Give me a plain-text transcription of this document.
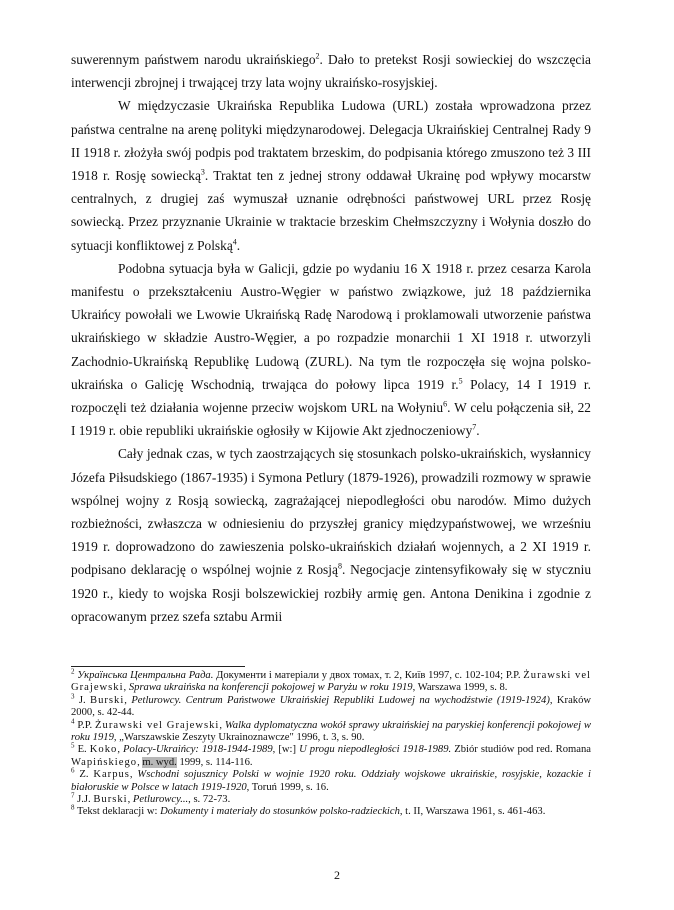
suwerennym państwem narodu ukraińskiego$^2$. Dało to pretekst Rosji sowieckiej do wszczęcia interwencji zbrojnej i trwającej trzy lata wojny ukraińsko-rosyjskiej.

W międzyczasie Ukraińska Republika Ludowa (URL) została wprowadzona przez państwa centralne na arenę polityki międzynarodowej. Delegacja Ukraińskiej Centralnej Rady 9 II 1918 r. złożyła swój podpis pod traktatem brzeskim, do podpisania którego zmuszono też 3 III 1918 r. Rosję sowiecką$^3$. Traktat ten z jednej strony oddawał Ukrainę pod wpływy mocarstw centralnych, z drugiej zaś wymuszał uznanie odrębności państwowej URL przez Rosję sowiecką. Przez przyznanie Ukrainie w traktacie brzeskim Chełmszczyzny i Wołynia doszło do sytuacji konfliktowej z Polską$^4$.

Podobna sytuacja była w Galicji, gdzie po wydaniu 16 X 1918 r. przez cesarza Karola manifestu o przekształceniu Austro-Węgier w państwo związkowe, już 18 października Ukraińcy powołali we Lwowie Ukraińską Radę Narodową i proklamowali utworzenie państwa ukraińskiego w składzie Austro-Węgier, a po rozpadzie monarchii 1 XI 1918 r. utworzyli Zachodnio-Ukraińską Republikę Ludową (ZURL). Na tym tle rozpoczęła się wojna polsko-ukraińska o Galicję Wschodnią, trwająca do połowy lipca 1919 r.$^5$ Polacy, 14 I 1919 r. rozpoczęli też działania wojenne przeciw wojskom URL na Wołyniu$^6$. W celu połączenia sił, 22 I 1919 r. obie republiki ukraińskie ogłosiły w Kijowie Akt zjednoczeniowy$^7$.

Cały jednak czas, w tych zaostrzających się stosunkach polsko-ukraińskich, wysłannicy Józefa Piłsudskiego (1867-1935) i Symona Petlury (1879-1926), prowadzili rozmowy w sprawie wspólnej wojny z Rosją sowiecką, zagrażającej niepodległości obu narodów. Mimo dużych rozbieżności, zwłaszcza w odniesieniu do przyszłej granicy międzypaństwowej, we wrześniu 1919 r. doprowadzono do zawieszenia polsko-ukraińskich działań wojennych, a 2 XI 1919 r. podpisano deklarację o wspólnej wojnie z Rosją$^8$. Negocjacje zintensyfikowały się w styczniu 1920 r., kiedy to wojska Rosji bolszewickiej rozbiły armię gen. Antona Denikina i zgodnie z opracowanym przez szefa sztabu Armii

$^2$ Українська Центральна Рада. Документи і матеріали у двох томах, т. 2, Київ 1997, с. 102-104; P.P. Żurawski vel Grajewski, Sprawa ukraińska na konferencji pokojowej w Paryżu w roku 1919, Warszawa 1999, s. 8.
$^3$ J. Burski, Petlurowcy. Centrum Państwowe Ukraińskiej Republiki Ludowej na wychodźstwie (1919-1924), Kraków 2000, s. 42-44.
$^4$ P.P. Żurawski vel Grajewski, Walka dyplomatyczna wokół sprawy ukraińskiej na paryskiej konferencji pokojowej w roku 1919, „Warszawskie Zeszyty Ukrainoznawcze" 1996, t. 3, s. 90.
$^5$ E. Koko, Polacy-Ukraińcy: 1918-1944-1989, [w:] U progu niepodległości 1918-1989. Zbiór studiów pod red. Romana Wapińskiego, m. wyd. 1999, s. 114-116.
$^6$ Z. Karpus, Wschodni sojusznicy Polski w wojnie 1920 roku. Oddziały wojskowe ukraińskie, rosyjskie, kozackie i białoruskie w Polsce w latach 1919-1920, Toruń 1999, s. 16.
$^7$ J.J. Burski, Petlurowcy..., s. 72-73.
$^8$ Tekst deklaracji w: Dokumenty i materiały do stosunków polsko-radzieckich, t. II, Warszawa 1961, s. 461-463.
2
